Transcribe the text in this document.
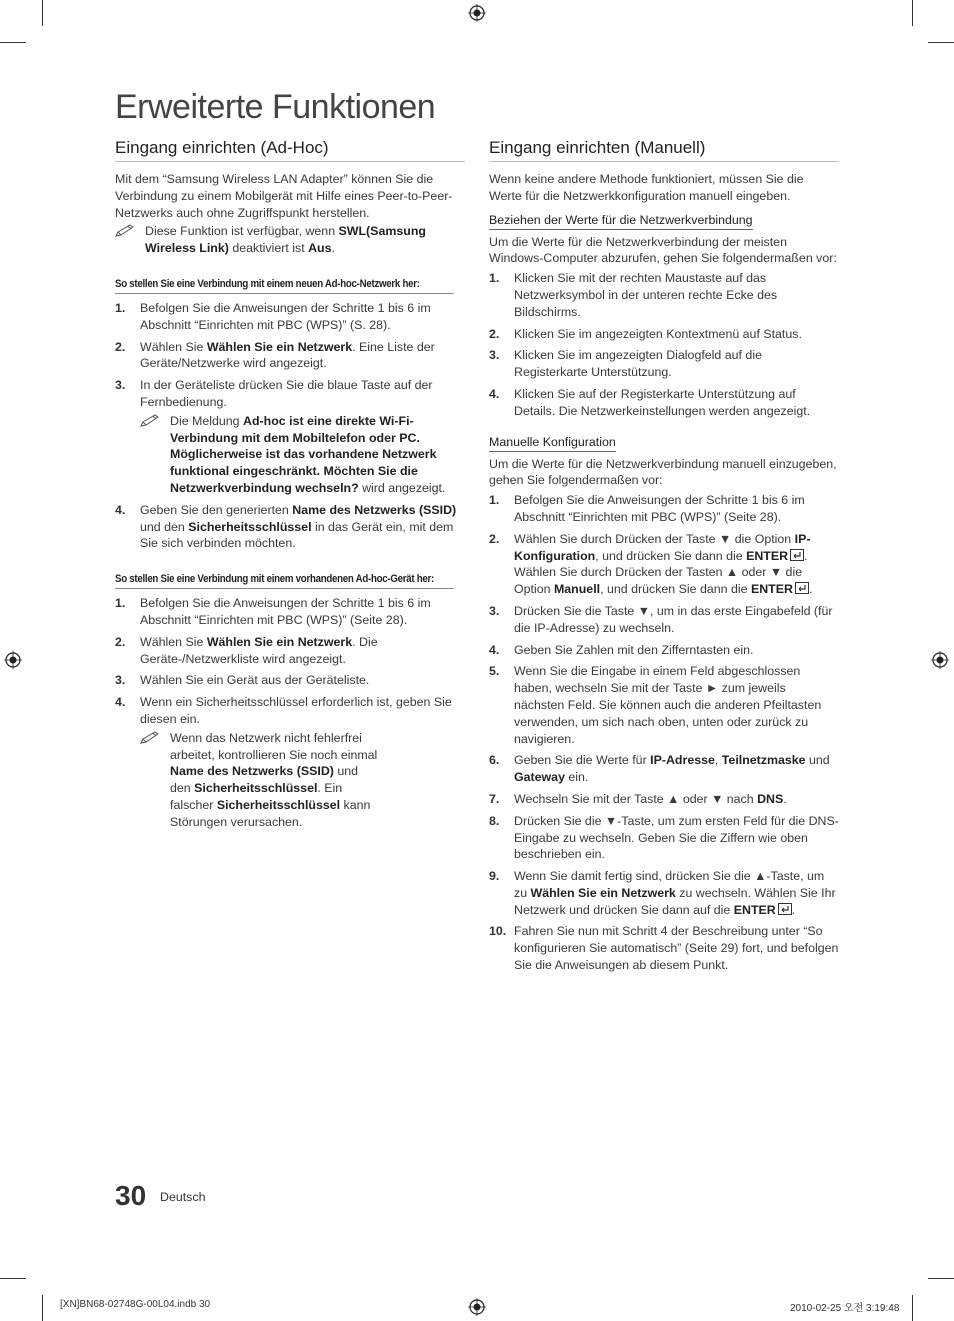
Erweiterte Funktionen
Eingang einrichten (Ad-Hoc)

Mit dem “Samsung Wireless LAN Adapter” können Sie die Verbindung zu einem Mobilgerät mit Hilfe eines Peer-to-Peer-Netzwerks auch ohne Zugriffspunkt herstellen.

Diese Funktion ist verfügbar, wenn SWL(Samsung Wireless Link) deaktiviert ist Aus.
So stellen Sie eine Verbindung mit einem neuen Ad-hoc-Netzwerk her:
1. Befolgen Sie die Anweisungen der Schritte 1 bis 6 im Abschnitt “Einrichten mit PBC (WPS)” (S. 28).
2. Wählen Sie Wählen Sie ein Netzwerk. Eine Liste der Geräte/Netzwerke wird angezeigt.
3. In der Geräteliste drücken Sie die blaue Taste auf der Fernbedienung.
Die Meldung Ad-hoc ist eine direkte Wi-Fi-Verbindung mit dem Mobiltelefon oder PC. Möglicherweise ist das vorhandene Netzwerk funktional eingeschränkt. Möchten Sie die Netzwerkverbindung wechseln? wird angezeigt.
4. Geben Sie den generierten Name des Netzwerks (SSID) und den Sicherheitsschlüssel in das Gerät ein, mit dem Sie sich verbinden möchten.
So stellen Sie eine Verbindung mit einem vorhandenen Ad-hoc-Gerät her:
1. Befolgen Sie die Anweisungen der Schritte 1 bis 6 im Abschnitt “Einrichten mit PBC (WPS)” (Seite 28).
2. Wählen Sie Wählen Sie ein Netzwerk. Die Geräte-/Netzwerkliste wird angezeigt.
3. Wählen Sie ein Gerät aus der Geräteliste.
4. Wenn ein Sicherheitsschlüssel erforderlich ist, geben Sie diesen ein.
Wenn das Netzwerk nicht fehlerfrei arbeitet, kontrollieren Sie noch einmal Name des Netzwerks (SSID) und den Sicherheitsschlüssel. Ein falscher Sicherheitsschlüssel kann Störungen verursachen.
Eingang einrichten (Manuell)

Wenn keine andere Methode funktioniert, müssen Sie die Werte für die Netzwerkkonfiguration manuell eingeben.

Beziehen der Werte für die Netzwerkverbindung

Um die Werte für die Netzwerkverbindung der meisten Windows-Computer abzurufen, gehen Sie folgendermaßen vor:

1. Klicken Sie mit der rechten Maustaste auf das Netzwerksymbol in der unteren rechte Ecke des Bildschirms.
2. Klicken Sie im angezeigten Kontextmenü auf Status.
3. Klicken Sie im angezeigten Dialogfeld auf die Registerkarte Unterstützung.
4. Klicken Sie auf der Registerkarte Unterstützung auf Details. Die Netzwerkeinstellungen werden angezeigt.
Manuelle Konfiguration

Um die Werte für die Netzwerkverbindung manuell einzugeben, gehen Sie folgendermaßen vor:

1. Befolgen Sie die Anweisungen der Schritte 1 bis 6 im Abschnitt “Einrichten mit PBC (WPS)” (Seite 28).
2. Wählen Sie durch Drücken der Taste ▼ die Option IP-Konfiguration, und drücken Sie dann die ENTER . Wählen Sie durch Drücken der Tasten ▲ oder ▼ die Option Manuell, und drücken Sie dann die ENTER .
3. Drücken Sie die Taste ▼, um in das erste Eingabefeld (für die IP-Adresse) zu wechseln.
4. Geben Sie Zahlen mit den Zifferntasten ein.
5. Wenn Sie die Eingabe in einem Feld abgeschlossen haben, wechseln Sie mit der Taste ► zum jeweils nächsten Feld. Sie können auch die anderen Pfeiltasten verwenden, um sich nach oben, unten oder zurück zu navigieren.
6. Geben Sie die Werte für IP-Adresse, Teilnetzmaske und Gateway ein.
7. Wechseln Sie mit der Taste ▲ oder ▼ nach DNS.
8. Drücken Sie die ▼-Taste, um zum ersten Feld für die DNS-Eingabe zu wechseln. Geben Sie die Ziffern wie oben beschrieben ein.
9. Wenn Sie damit fertig sind, drücken Sie die ▲-Taste, um zu Wählen Sie ein Netzwerk zu wechseln. Wählen Sie Ihr Netzwerk und drücken Sie dann auf die ENTER .
10. Fahren Sie nun mit Schritt 4 der Beschreibung unter “So konfigurieren Sie automatisch” (Seite 29) fort, und befolgen Sie die Anweisungen ab diesem Punkt.
30 Deutsch
[XN]BN68-02748G-00L04.indb 30	2010-02-25 오전 3:19:48
